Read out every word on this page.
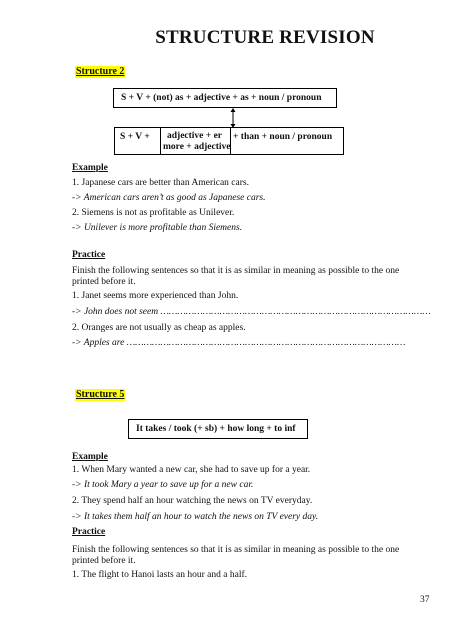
STRUCTURE REVISION
Structure 2
S + V + (not) as + adjective + as + noun / pronoun
S + V +	adjective + er
more + adjective
+ than + noun / pronoun
Example
1. Japanese cars are better than American cars.
-> American cars aren’t as good as Japanese cars.
2. Siemens is not as profitable as Unilever.
-> Unilever is more profitable than Siemens.
Practice
Finish the following sentences so that it is as similar in meaning as possible to the one printed before it.
1. Janet seems more experienced than John.
-> John does not seem ……………………………………………………………………………………
2. Oranges are not usually as cheap as apples.
-> Apples are ………………………………………………………………………………………
Structure 5
It takes / took (+ sb) + how long + to inf
Example
1. When Mary wanted a new car, she had to save up for a year.
-> It took Mary a year to save up for a new car.
2. They spend half an hour watching the news on TV everyday.
-> It takes them half an hour to watch the news on TV every day.
Practice
Finish the following sentences so that it is as similar in meaning as possible to the one printed before it.
1. The flight to Hanoi lasts an hour and a half.
37
